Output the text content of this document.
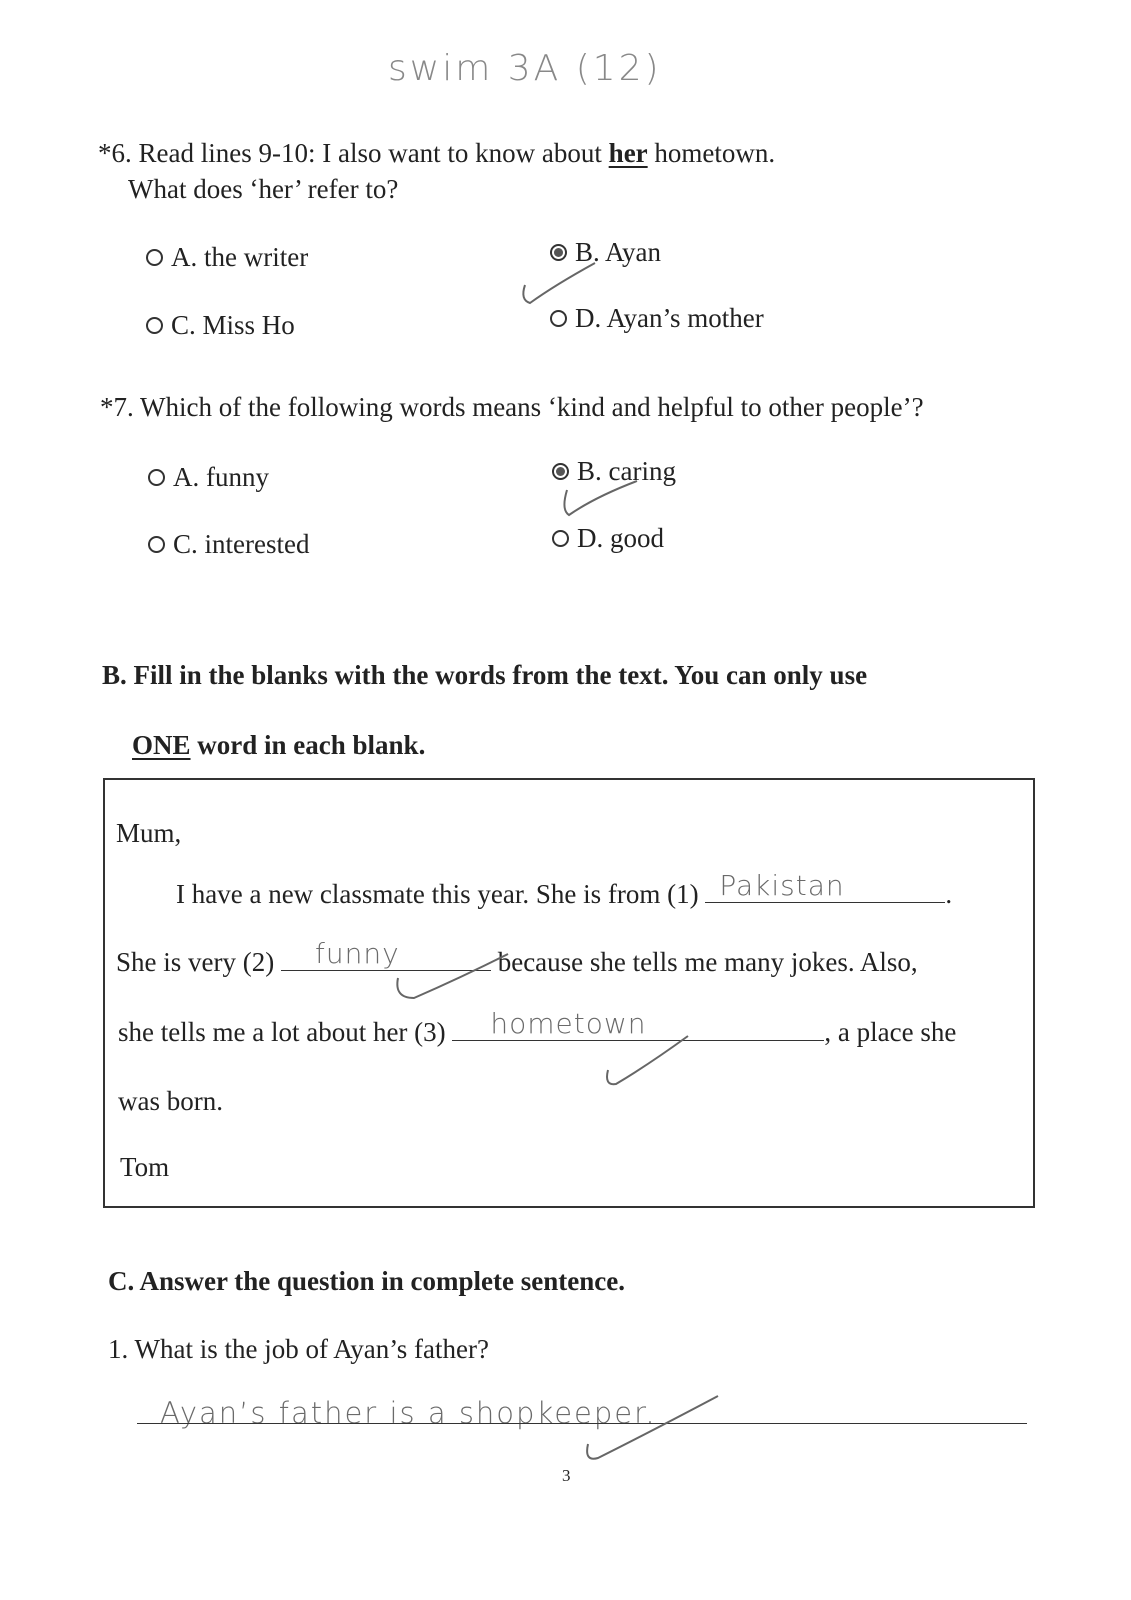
swim 3A (12)
*6. Read lines 9-10: I also want to know about her hometown.
What does ‘her’ refer to?
A. the writer	B. Ayan
C. Miss Ho	D. Ayan’s mother
*7. Which of the following words means ‘kind and helpful to other people’?
A. funny	B. caring
C. interested	D. good
B. Fill in the blanks with the words from the text. You can only use
ONE word in each blank.
Mum,
I have a new classmate this year. She is from (1) Pakistan	.
She is very (2) funny	because she tells me many jokes. Also,
she tells me a lot about her (3) hometown	, a place she
was born.
Tom
C. Answer the question in complete sentence.
1. What is the job of Ayan’s father?
Ayan’s father is a shopkeeper.
3
